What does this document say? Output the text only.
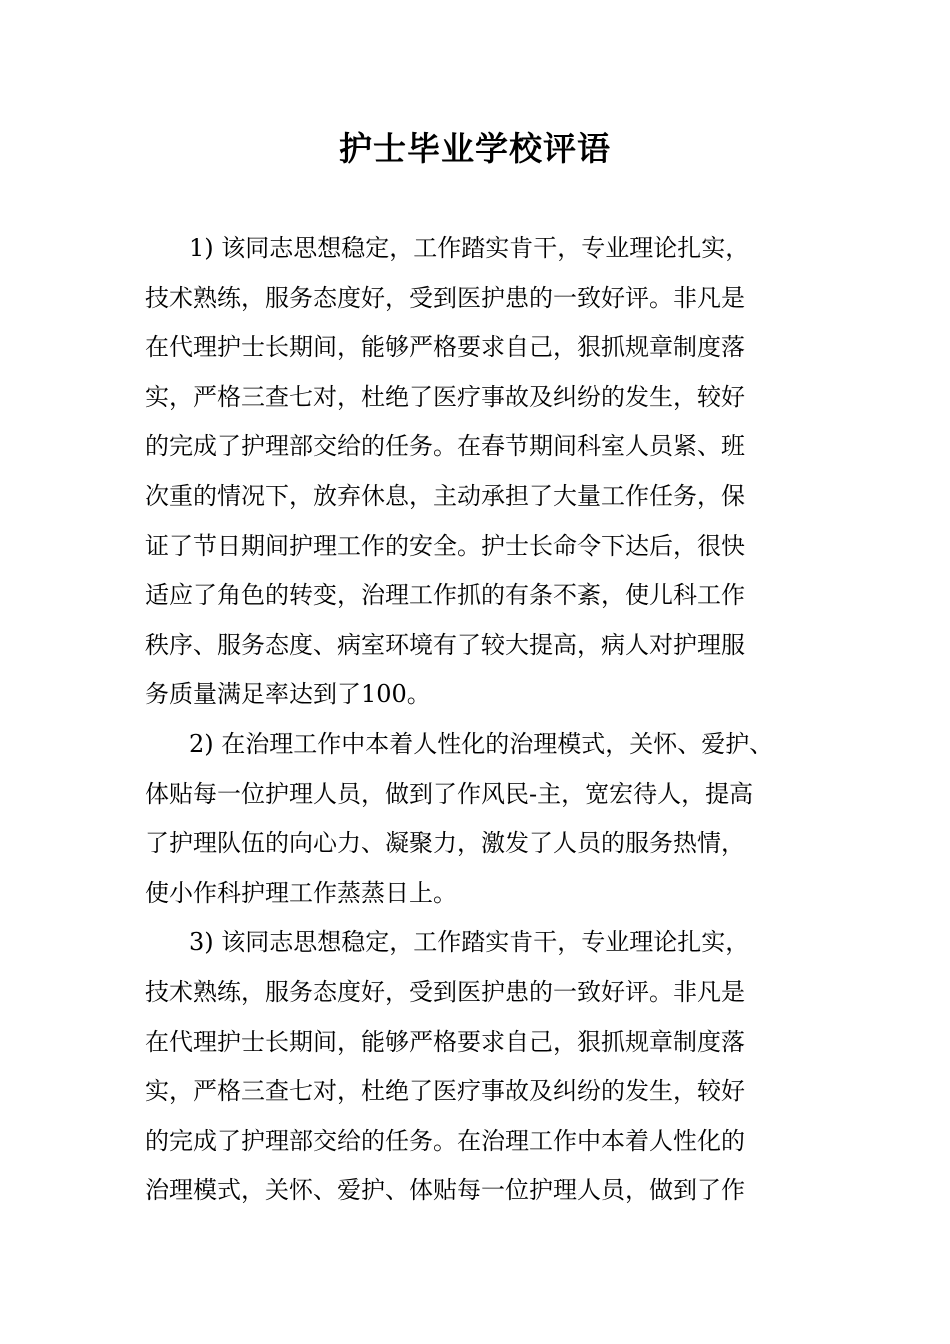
护士毕业学校评语
1) 该同志思想稳定，工作踏实肯干，专业理论扎实，
技术熟练，服务态度好，受到医护患的一致好评。非凡是
在代理护士长期间，能够严格要求自己，狠抓规章制度落
实，严格三查七对，杜绝了医疗事故及纠纷的发生，较好
的完成了护理部交给的任务。在春节期间科室人员紧、班
次重的情况下，放弃休息，主动承担了大量工作任务，保
证了节日期间护理工作的安全。护士长命令下达后，很快
适应了角色的转变，治理工作抓的有条不紊，使儿科工作
秩序、服务态度、病室环境有了较大提高，病人对护理服
务质量满足率达到了100。
2) 在治理工作中本着人性化的治理模式，关怀、爱护、
体贴每一位护理人员，做到了作风民-主，宽宏待人，提高
了护理队伍的向心力、凝聚力，激发了人员的服务热情，
使小作科护理工作蒸蒸日上。
3) 该同志思想稳定，工作踏实肯干，专业理论扎实，
技术熟练，服务态度好，受到医护患的一致好评。非凡是
在代理护士长期间，能够严格要求自己，狠抓规章制度落
实，严格三查七对，杜绝了医疗事故及纠纷的发生，较好
的完成了护理部交给的任务。在治理工作中本着人性化的
治理模式，关怀、爱护、体贴每一位护理人员，做到了作
